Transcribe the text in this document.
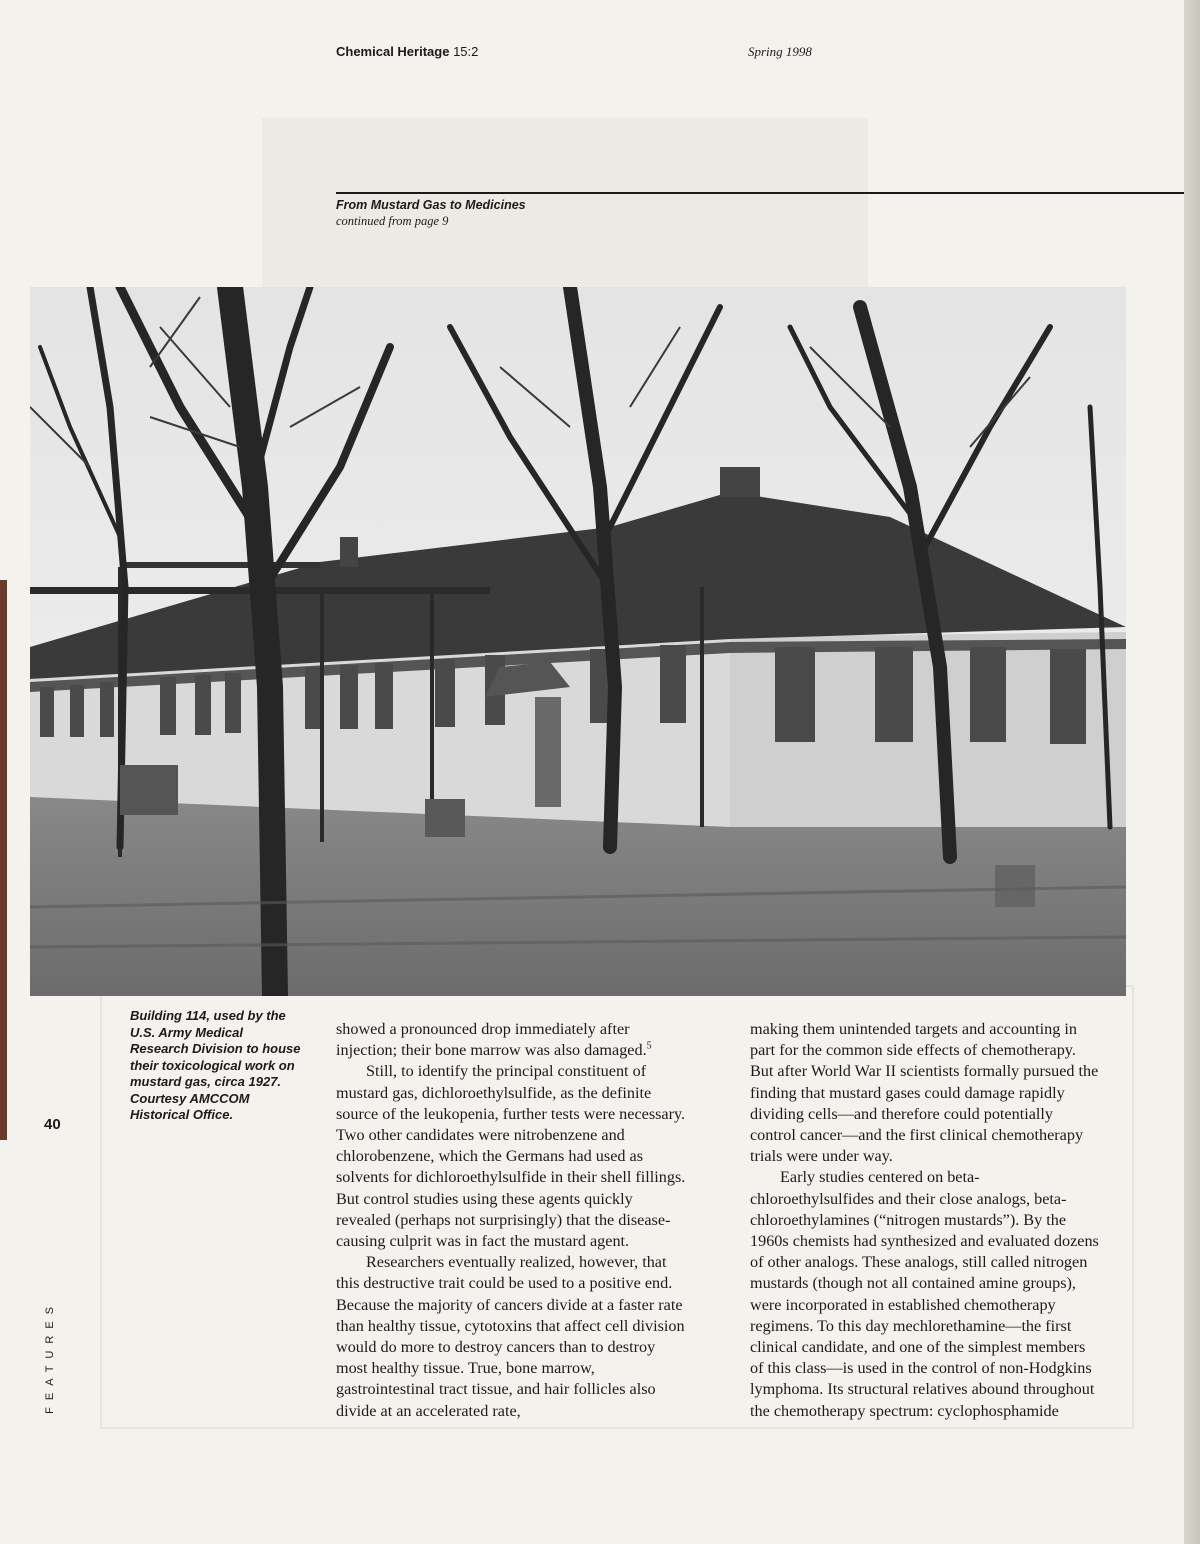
Chemical Heritage 15:2	Spring 1998
From Mustard Gas to Medicines
continued from page 9
Building 114, used by the U.S. Army Medical Research Division to house their toxicological work on mustard gas, circa 1927. Courtesy AMCCOM Historical Office.

showed a pronounced drop immediately after injection; their bone marrow was also damaged.$^5$

Still, to identify the principal constituent of mustard gas, dichloroethylsulfide, as the definite source of the leukopenia, further tests were necessary. Two other candidates were nitrobenzene and chlorobenzene, which the Germans had used as solvents for dichloroethylsulfide in their shell fillings. But control studies using these agents quickly revealed (perhaps not surprisingly) that the disease-causing culprit was in fact the mustard agent.

Researchers eventually realized, however, that this destructive trait could be used to a positive end. Because the majority of cancers divide at a faster rate than healthy tissue, cytotoxins that affect cell division would do more to destroy cancers than to destroy most healthy tissue. True, bone marrow, gastrointestinal tract tissue, and hair follicles also divide at an accelerated rate,

making them unintended targets and accounting in part for the common side effects of chemotherapy. But after World War II scientists formally pursued the finding that mustard gases could damage rapidly dividing cells—and therefore could potentially control cancer—and the first clinical chemotherapy trials were under way.

Early studies centered on beta-chloroethylsulfides and their close analogs, beta-chloroethylamines (“nitrogen mustards”). By the 1960s chemists had synthesized and evaluated dozens of other analogs. These analogs, still called nitrogen mustards (though not all contained amine groups), were incorporated in established chemotherapy regimens. To this day mechlorethamine—the first clinical candidate, and one of the simplest members of this class—is used in the control of non-Hodgkins lymphoma. Its structural relatives abound throughout the chemotherapy spectrum: cyclophosphamide

FEATURES
40
